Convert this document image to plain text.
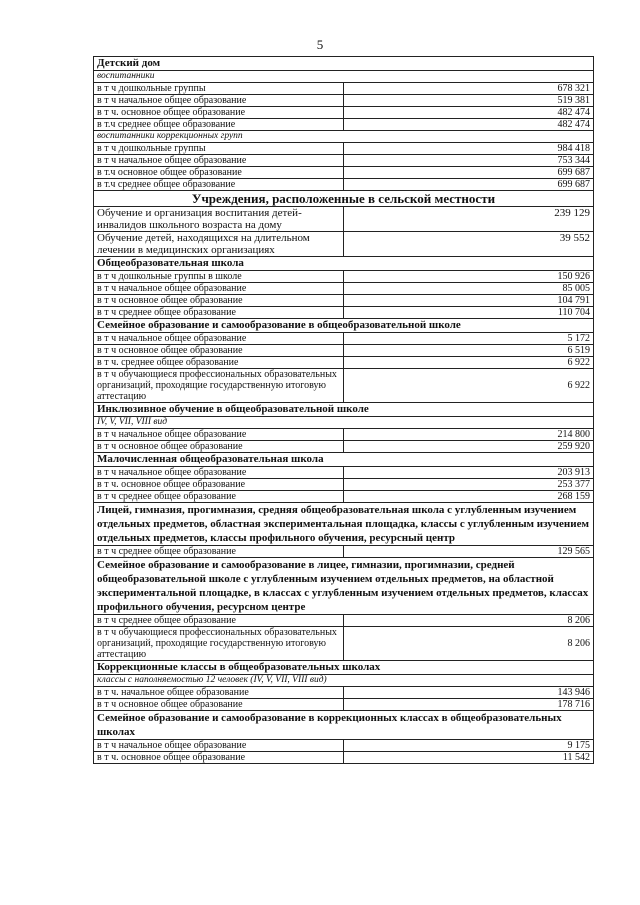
5
Детский дом	
воспитанники	
в т ч дошкольные группы	678 321
в т ч начальное общее образование	519 381
в т ч. основное общее образование	482 474
в т.ч среднее общее образование	482 474
воспитанники коррекционных групп	
в т ч дошкольные группы	984 418
в т ч начальное общее образование	753 344
в т.ч основное общее образование	699 687
в т.ч среднее общее образование	699 687
Учреждения, расположенные в сельской местности	
Обучение и организация воспитания детей-инвалидов школьного возраста на дому	239 129
Обучение детей, находящихся на длительном лечении в медицинских организациях	39 552
Общеобразовательная школа	
в т ч дошкольные группы в школе	150 926
в т ч начальное общее образование	85 005
в т ч основное общее образование	104 791
в т ч среднее общее образование	110 704
Семейное образование и самообразование в общеобразовательной школе	
в т ч начальное общее образование	5 172
в т ч основное общее образование	6 519
в т ч. среднее общее образование	6 922
в т ч обучающиеся профессиональных образовательных организаций, проходящие государственную итоговую аттестацию	6 922
Инклюзивное обучение в общеобразовательной школе	
IV, V, VII, VIII вид	
в т ч начальное общее образование	214 800
в т ч основное общее образование	259 920
Малочисленная общеобразовательная школа	
в т ч начальное общее образование	203 913
в т ч. основное общее образование	253 377
в т ч среднее общее образование	268 159
Лицей, гимназия, прогимназия, средняя общеобразовательная школа с углубленным изучением отдельных предметов, областная экспериментальная площадка, классы с углубленным изучением отдельных предметов, классы профильного обучения, ресурсный центр	
в т ч среднее общее образование	129 565
Семейное образование и самообразование в лицее, гимназии, прогимназии, средней общеобразовательной школе с углубленным изучением отдельных предметов, на областной экспериментальной площадке, в классах с углубленным изучением отдельных предметов, классах профильного обучения, ресурсном центре	
в т ч среднее общее образование	8 206
в т ч обучающиеся профессиональных образовательных организаций, проходящие государственную итоговую аттестацию	8 206
Коррекционные классы в общеобразовательных школах	
классы с наполняемостью 12 человек (IV, V, VII, VIII вид)	
в т ч. начальное общее образование	143 946
в т ч основное общее образование	178 716
Семейное образование и самообразование в коррекционных классах в общеобразовательных школах	
в т ч начальное общее образование	9 175
в т ч. основное общее образование	11 542
